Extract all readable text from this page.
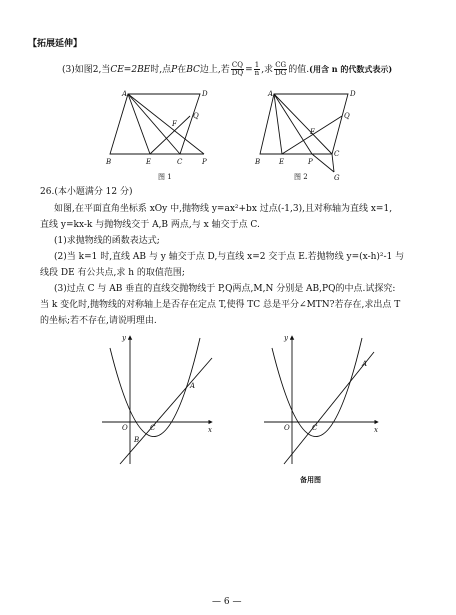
【拓展延伸】
(3)如图2,当CE=2BE时,点P在BC边上,若 $\frac{CQ}{DQ} = \frac{1}{n}$ ,求 $\frac{CG}{DG}$ 的值.(用含 n 的代数式表示)
A	D
B	E	C	P
F
Q
图 1
A	D
B	E	P
C
F
Q
G
图 2
26.(本小题满分 12 分)
如图,在平面直角坐标系 xOy 中,抛物线 y=ax²+bx 过点(-1,3),且对称轴为直线 x=1,
直线 y=kx-k 与抛物线交于 A,B 两点,与 x 轴交于点 C.
(1)求抛物线的函数表达式;
(2)当 k=1 时,直线 AB 与 y 轴交于点 D,与直线 x=2 交于点 E.若抛物线 y=(x-h)²-1 与
线段 DE 有公共点,求 h 的取值范围;
(3)过点 C 与 AB 垂直的直线交抛物线于 P,Q两点,M,N 分别是 AB,PQ的中点.试探究:
当 k 变化时,抛物线的对称轴上是否存在定点 T,使得 TC 总是平分∠MTN?若存在,求出点 T
的坐标;若不存在,请说明理由.
x
y
O
A
B
C	x
y
O
A
C
备用图
— 6 —
